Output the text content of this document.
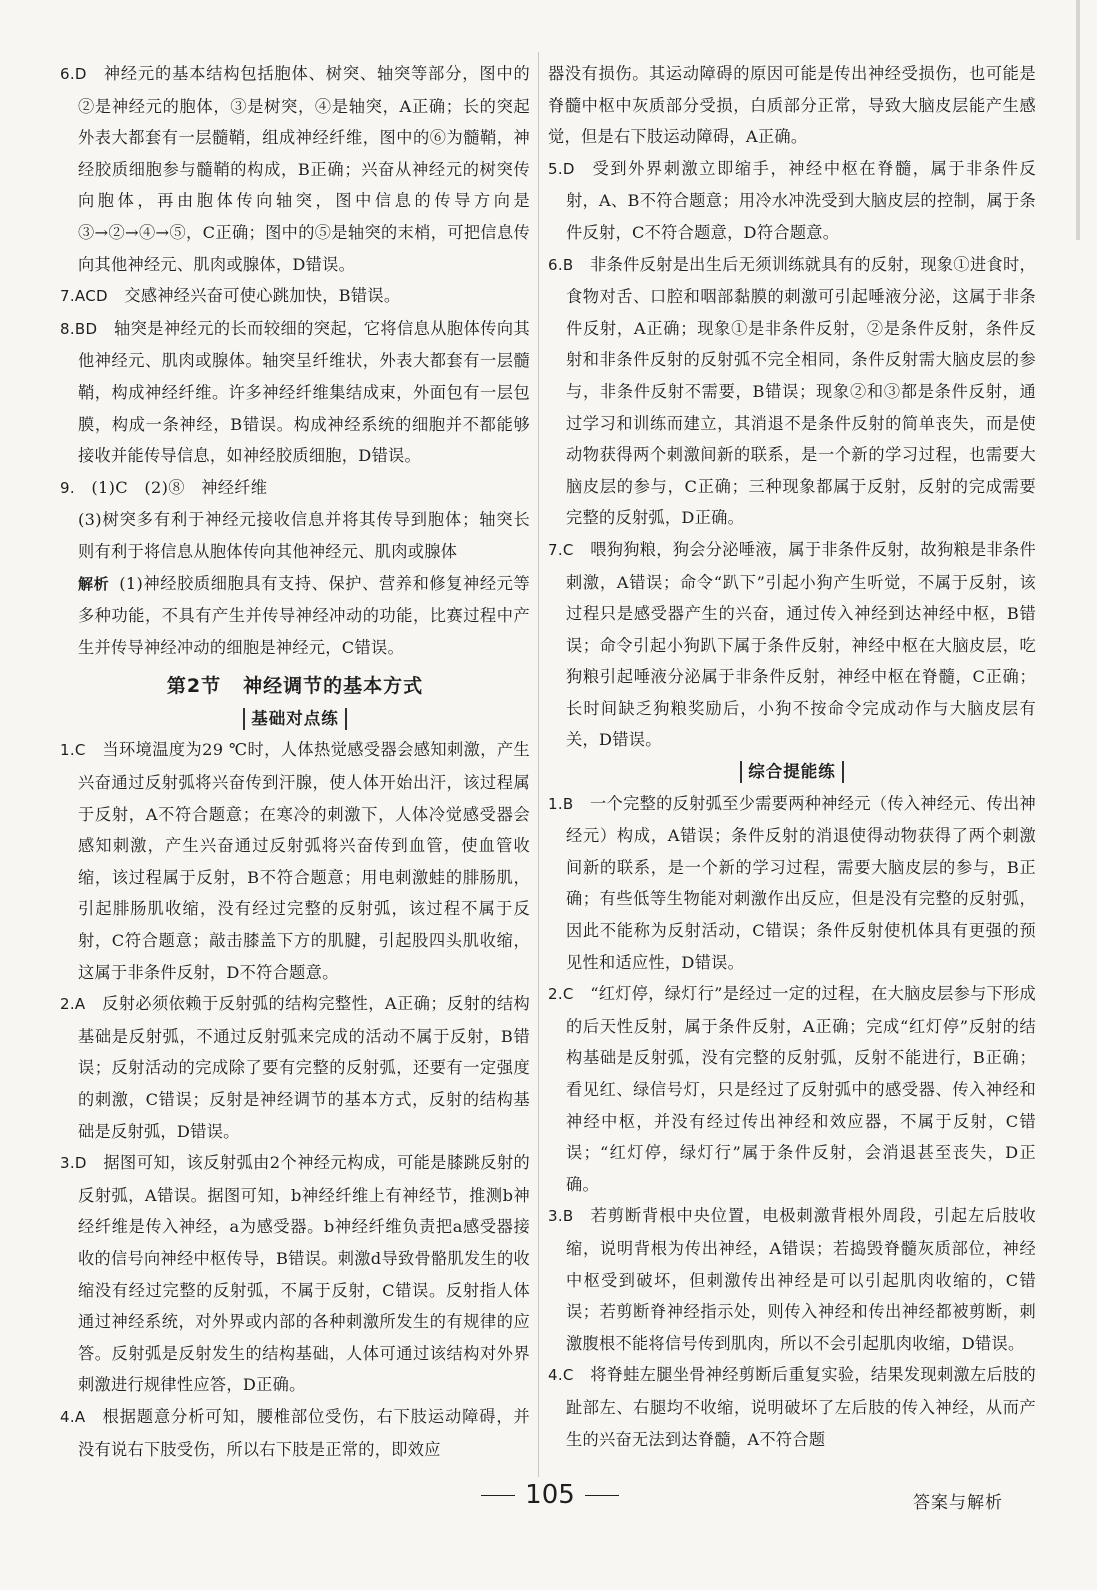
6.D  神经元的基本结构包括胞体、树突、轴突等部分，图中的②是神经元的胞体，③是树突，④是轴突，A正确；长的突起外表大都套有一层髓鞘，组成神经纤维，图中的⑥为髓鞘，神经胶质细胞参与髓鞘的构成，B正确；兴奋从神经元的树突传向胞体，再由胞体传向轴突，图中信息的传导方向是③→②→④→⑤，C正确；图中的⑤是轴突的末梢，可把信息传向其他神经元、肌肉或腺体，D错误。

7.ACD  交感神经兴奋可使心跳加快，B错误。

8.BD  轴突是神经元的长而较细的突起，它将信息从胞体传向其他神经元、肌肉或腺体。轴突呈纤维状，外表大都套有一层髓鞘，构成神经纤维。许多神经纤维集结成束，外面包有一层包膜，构成一条神经，B错误。构成神经系统的细胞并不都能够接收并能传导信息，如神经胶质细胞，D错误。

9.  (1)C　(2)⑧　神经纤维

(3)树突多有利于神经元接收信息并将其传导到胞体；轴突长则有利于将信息从胞体传向其他神经元、肌肉或腺体

解析 (1)神经胶质细胞具有支持、保护、营养和修复神经元等多种功能，不具有产生并传导神经冲动的功能，比赛过程中产生并传导神经冲动的细胞是神经元，C错误。

第2节 神经调节的基本方式
基础对点练

1.C  当环境温度为29 ℃时，人体热觉感受器会感知刺激，产生兴奋通过反射弧将兴奋传到汗腺，使人体开始出汗，该过程属于反射，A不符合题意；在寒冷的刺激下，人体冷觉感受器会感知刺激，产生兴奋通过反射弧将兴奋传到血管，使血管收缩，该过程属于反射，B不符合题意；用电刺激蛙的腓肠肌，引起腓肠肌收缩，没有经过完整的反射弧，该过程不属于反射，C符合题意；敲击膝盖下方的肌腱，引起股四头肌收缩，这属于非条件反射，D不符合题意。

2.A  反射必须依赖于反射弧的结构完整性，A正确；反射的结构基础是反射弧，不通过反射弧来完成的活动不属于反射，B错误；反射活动的完成除了要有完整的反射弧，还要有一定强度的刺激，C错误；反射是神经调节的基本方式，反射的结构基础是反射弧，D错误。

3.D  据图可知，该反射弧由2个神经元构成，可能是膝跳反射的反射弧，A错误。据图可知，b神经纤维上有神经节，推测b神经纤维是传入神经，a为感受器。b神经纤维负责把a感受器接收的信号向神经中枢传导，B错误。刺激d导致骨骼肌发生的收缩没有经过完整的反射弧，不属于反射，C错误。反射指人体通过神经系统，对外界或内部的各种刺激所发生的有规律的应答。反射弧是反射发生的结构基础，人体可通过该结构对外界刺激进行规律性应答，D正确。

4.A  根据题意分析可知，腰椎部位受伤，右下肢运动障碍，并没有说右下肢受伤，所以右下肢是正常的，即效应

器没有损伤。其运动障碍的原因可能是传出神经受损伤，也可能是脊髓中枢中灰质部分受损，白质部分正常，导致大脑皮层能产生感觉，但是右下肢运动障碍，A正确。

5.D  受到外界刺激立即缩手，神经中枢在脊髓，属于非条件反射，A、B不符合题意；用冷水冲洗受到大脑皮层的控制，属于条件反射，C不符合题意，D符合题意。

6.B  非条件反射是出生后无须训练就具有的反射，现象①进食时，食物对舌、口腔和咽部黏膜的刺激可引起唾液分泌，这属于非条件反射，A正确；现象①是非条件反射，②是条件反射，条件反射和非条件反射的反射弧不完全相同，条件反射需大脑皮层的参与，非条件反射不需要，B错误；现象②和③都是条件反射，通过学习和训练而建立，其消退不是条件反射的简单丧失，而是使动物获得两个刺激间新的联系，是一个新的学习过程，也需要大脑皮层的参与，C正确；三种现象都属于反射，反射的完成需要完整的反射弧，D正确。

7.C  喂狗狗粮，狗会分泌唾液，属于非条件反射，故狗粮是非条件刺激，A错误；命令“趴下”引起小狗产生听觉，不属于反射，该过程只是感受器产生的兴奋，通过传入神经到达神经中枢，B错误；命令引起小狗趴下属于条件反射，神经中枢在大脑皮层，吃狗粮引起唾液分泌属于非条件反射，神经中枢在脊髓，C正确；长时间缺乏狗粮奖励后，小狗不按命令完成动作与大脑皮层有关，D错误。

综合提能练

1.B  一个完整的反射弧至少需要两种神经元（传入神经元、传出神经元）构成，A错误；条件反射的消退使得动物获得了两个刺激间新的联系，是一个新的学习过程，需要大脑皮层的参与，B正确；有些低等生物能对刺激作出反应，但是没有完整的反射弧，因此不能称为反射活动，C错误；条件反射使机体具有更强的预见性和适应性，D错误。

2.C  “红灯停，绿灯行”是经过一定的过程，在大脑皮层参与下形成的后天性反射，属于条件反射，A正确；完成“红灯停”反射的结构基础是反射弧，没有完整的反射弧，反射不能进行，B正确；看见红、绿信号灯，只是经过了反射弧中的感受器、传入神经和神经中枢，并没有经过传出神经和效应器，不属于反射，C错误；“红灯停，绿灯行”属于条件反射，会消退甚至丧失，D正确。

3.B  若剪断背根中央位置，电极刺激背根外周段，引起左后肢收缩，说明背根为传出神经，A错误；若捣毁脊髓灰质部位，神经中枢受到破坏，但刺激传出神经是可以引起肌肉收缩的，C错误；若剪断脊神经指示处，则传入神经和传出神经都被剪断，刺激腹根不能将信号传到肌肉，所以不会引起肌肉收缩，D错误。

4.C  将脊蛙左腿坐骨神经剪断后重复实验，结果发现刺激左后肢的趾部左、右腿均不收缩，说明破坏了左后肢的传入神经，从而产生的兴奋无法到达脊髓，A不符合题

105	答案与解析
